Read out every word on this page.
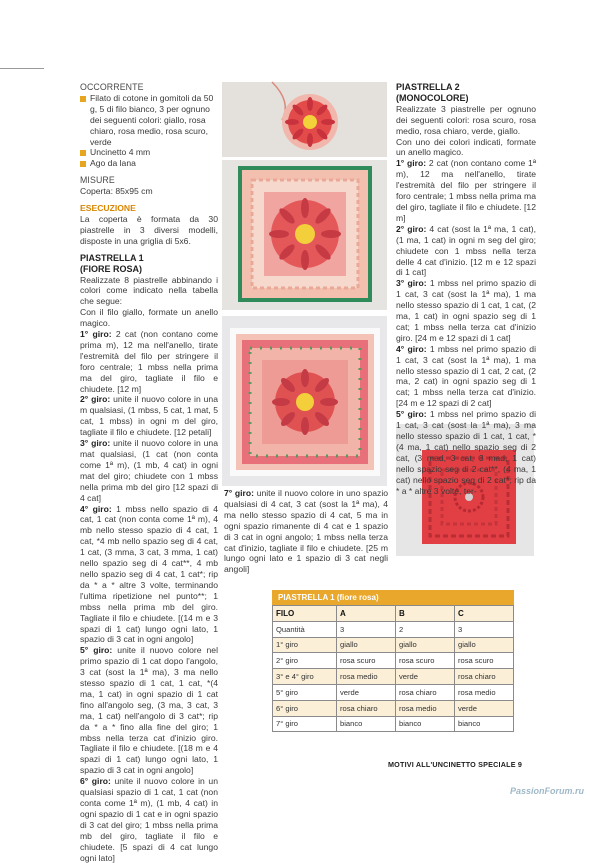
OCCORRENTE
Filato di cotone in gomitoli da 50 g, 5 di filo bianco, 3 per ognuno dei seguenti colori: giallo, rosa chiaro, rosa medio, rosa scuro, verde
Uncinetto 4 mm
Ago da lana
MISURE
Coperta: 85x95 cm
ESECUZIONE

La coperta è formata da 30 piastrelle in 3 diversi modelli, disposte in una griglia di 5x6.

PIASTRELLA 1
(FIORE ROSA)

Realizzate 8 piastrelle abbinando i colori come indicato nella tabella che segue:

Con il filo giallo, formate un anello magico.

1° giro: 2 cat (non contano come prima m), 12 ma nell'anello, tirate l'estremità del filo per stringere il foro centrale; 1 mbss nella prima ma del giro, tagliate il filo e chiudete. [12 m]

2° giro: unite il nuovo colore in una m qualsiasi, (1 mbss, 5 cat, 1 mat, 5 cat, 1 mbss) in ogni m del giro, tagliate il filo e chiudete. [12 petali]

3° giro: unite il nuovo colore in una mat qualsiasi, (1 cat (non conta come 1ª m), (1 mb, 4 cat) in ogni mat del giro; chiudete con 1 mbss nella prima mb del giro [12 spazi di 4 cat]

4° giro: 1 mbss nello spazio di 4 cat, 1 cat (non conta come 1ª m), 4 mb nello stesso spazio di 4 cat, 1 cat, *4 mb nello spazio seg di 4 cat, 1 cat, (3 mma, 3 cat, 3 mma, 1 cat) nello spazio seg di 4 cat**, 4 mb nello spazio seg di 4 cat, 1 cat*; rip da * a * altre 3 volte, terminando l'ultima ripetizione nel punto**; 1 mbss nella prima mb del giro. Tagliate il filo e chiudete. [(14 m e 3 spazi di 1 cat) lungo ogni lato, 1 spazio di 3 cat in ogni angolo]

5° giro: unite il nuovo colore nel primo spazio di 1 cat dopo l'angolo, 3 cat (sost la 1ª ma), 3 ma nello stesso spazio di 1 cat, 1 cat, *(4 ma, 1 cat) in ogni spazio di 1 cat fino all'angolo seg, (3 ma, 3 cat, 3 ma, 1 cat) nell'angolo di 3 cat*; rip da * a * fino alla fine del giro; 1 mbss nella terza cat d'inizio giro. Tagliate il filo e chiudete. [(18 m e 4 spazi di 1 cat) lungo ogni lato, 1 spazio di 3 cat in ogni angolo]

6° giro: unite il nuovo colore in un qualsiasi spazio di 1 cat, 1 cat (non conta come 1ª m), (1 mb, 4 cat) in ogni spazio di 1 cat e in ogni spazio di 3 cat del giro; 1 mbss nella prima mb del giro, tagliate il filo e chiudete. [5 spazi di 4 cat lungo ogni lato]

7° giro: unite il nuovo colore in uno spazio qualsiasi di 4 cat, 3 cat (sost la 1ª ma), 4 ma nello stesso spazio di 4 cat, 5 ma in ogni spazio rimanente di 4 cat e 1 spazio di 3 cat in ogni angolo; 1 mbss nella terza cat d'inizio, tagliate il filo e chiudete. [25 m lungo ogni lato e 1 spazio di 3 cat negli angoli]
PIASTRELLA 2
(MONOCOLORE)

Realizzate 3 piastrelle per ognuno dei seguenti colori: rosa scuro, rosa medio, rosa chiaro, verde, giallo.

Con uno dei colori indicati, formate un anello magico.

1° giro: 2 cat (non contano come 1ª m), 12 ma nell'anello, tirate l'estremità del filo per stringere il foro centrale; 1 mbss nella prima ma del giro, tagliate il filo e chiudete. [12 m]

2° giro: 4 cat (sost la 1ª ma, 1 cat), (1 ma, 1 cat) in ogni m seg del giro; chiudete con 1 mbss nella terza delle 4 cat d'inizio. [12 m e 12 spazi di 1 cat]

3° giro: 1 mbss nel primo spazio di 1 cat, 3 cat (sost la 1ª ma), 1 ma nello stesso spazio di 1 cat, 1 cat, (2 ma, 1 cat) in ogni spazio seg di 1 cat; 1 mbss nella terza cat d'inizio giro. [24 m e 12 spazi di 1 cat]

4° giro: 1 mbss nel primo spazio di 1 cat, 3 cat (sost la 1ª ma), 1 ma nello stesso spazio di 1 cat, 2 cat, (2 ma, 2 cat) in ogni spazio seg di 1 cat; 1 mbss nella terza cat d'inizio. [24 m e 12 spazi di 2 cat]

5° giro: 1 mbss nel primo spazio di 1 cat, 3 cat (sost la 1ª ma), 3 ma nello stesso spazio di 1 cat, 1 cat, *(4 ma, 1 cat) nello spazio seg di 2 cat, (3 mad, 3 cat, 3 mad, 1 cat) nello spazio seg di 2 cat**, (4 ma, 1 cat) nello spazio seg di 2 cat*; rip da * a * altre 3 volte, ter-

PIASTRELLA 1 (fiore rosa)
FILO	A	B	C
Quantità	3	2	3
1° giro	giallo	giallo	giallo
2° giro	rosa scuro	rosa scuro	rosa scuro
3° e 4° giro	rosa medio	verde	rosa chiaro
5° giro	verde	rosa chiaro	rosa medio
6° giro	rosa chiaro	rosa medio	verde
7° giro	bianco	bianco	bianco
MOTIVI ALL'UNCINETTO SPECIALE 9
PassionForum.ru
